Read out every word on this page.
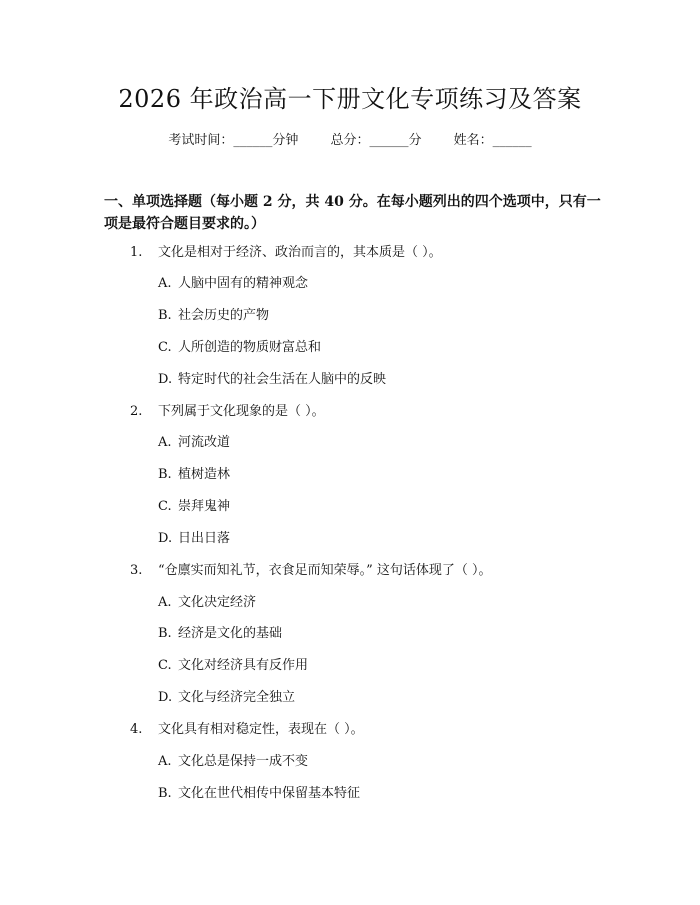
2026 年政治高一下册文化专项练习及答案
考试时间：______分钟 总分：______分 姓名：______
一、单项选择题（每小题 2 分，共 40 分。在每小题列出的四个选项中，只有一项是最符合题目要求的。）
1. 文化是相对于经济、政治而言的，其本质是（ ）。
A. 人脑中固有的精神观念
B. 社会历史的产物
C. 人所创造的物质财富总和
D. 特定时代的社会生活在人脑中的反映
2. 下列属于文化现象的是（ ）。
A. 河流改道
B. 植树造林
C. 崇拜鬼神
D. 日出日落
3. “仓廪实而知礼节，衣食足而知荣辱。” 这句话体现了（ ）。
A. 文化决定经济
B. 经济是文化的基础
C. 文化对经济具有反作用
D. 文化与经济完全独立
4. 文化具有相对稳定性，表现在（ ）。
A. 文化总是保持一成不变
B. 文化在世代相传中保留基本特征
